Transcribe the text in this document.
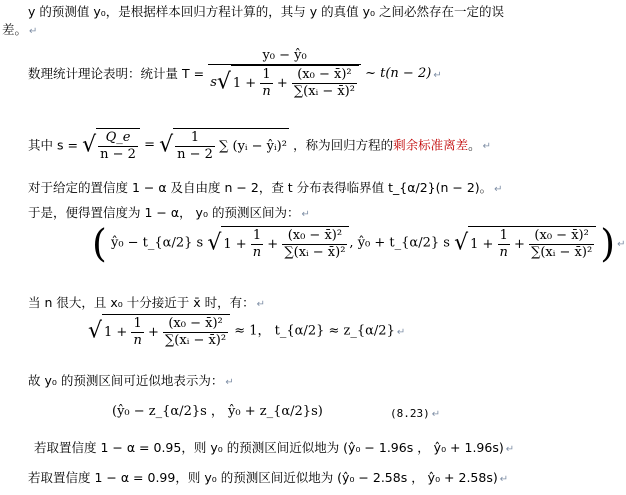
y 的预测值 y₀，是根据样本回归方程计算的，其与 y 的真值 y₀ 之间必然存在一定的误
差。 ↵
数理统计理论表明：统计量 $T = \frac{\text{y₀ − ŷ₀}}{s√ 1 + \frac{1}{n} + \frac{\text{(x₀ − x̄)²}}{\text{∑(xᵢ − x̄)²}}}$ ~ t(n − 2) ↵
其中 s = √ $\frac{Q\_e}{n - 2}$ = √ $\frac{1}{n - 2}$ ∑ (yᵢ − ŷᵢ)² ，称为回归方程的剩余标准离差。 ↵
对于给定的置信度 1 − α 及自由度 n − 2，查 t 分布表得临界值 t_{α/2}(n − 2)。 ↵
于是，便得置信度为 1 − α， y₀ 的预测区间为： ↵
( ŷ₀ − t_{α/2} s √ $1 + \frac{1}{n} + \frac{\text{(x₀ − x̄)²}}{\text{∑(xᵢ − x̄)²}}$ , ŷ₀ + t_{α/2} s √ $1 + \frac{1}{n} + \frac{\text{(x₀ − x̄)²}}{\text{∑(xᵢ − x̄)²}}$ ) ↵
当 n 很大，且 x₀ 十分接近于 x̄ 时，有： ↵
√ $1 + \frac{1}{n} + \frac{\text{(x₀ − x̄)²}}{\text{∑(xᵢ − x̄)²}} \approx 1$， t_{α/2} ≈ z_{α/2} ↵
故 y₀ 的预测区间可近似地表示为： ↵
(ŷ₀ − z_{α/2}s ， ŷ₀ + z_{α/2}s)	(8.23) ↵
若取置信度 1 − α = 0.95，则 y₀ 的预测区间近似地为 (ŷ₀ − 1.96s ， ŷ₀ + 1.96s) ↵
若取置信度 1 − α = 0.99，则 y₀ 的预测区间近似地为 (ŷ₀ − 2.58s ， ŷ₀ + 2.58s) ↵
